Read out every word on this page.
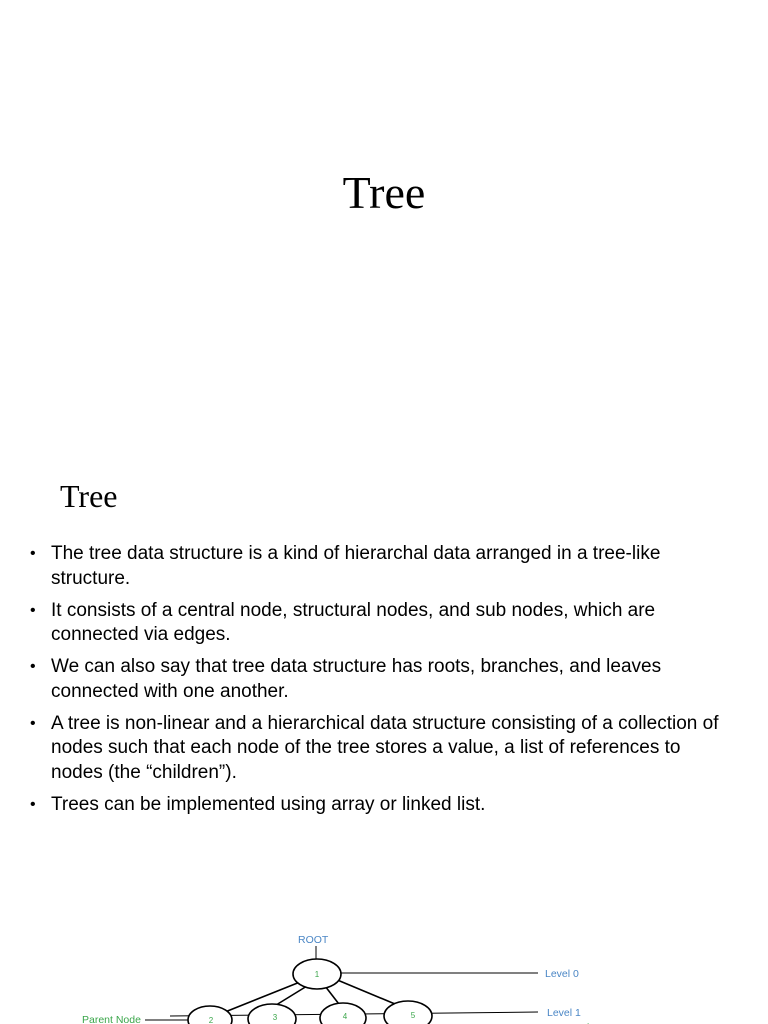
Tree
Tree
• The tree data structure is a kind of hierarchal data arranged in a tree-like structure.
• It consists of a central node, structural nodes, and sub nodes, which are connected via edges.
• We can also say that tree data structure has roots, branches, and leaves connected with one another.
• A tree is non-linear and a hierarchical data structure consisting of a collection of nodes such that each node of the tree stores a value, a list of references to nodes (the “children”).
• Trees can be implemented using array or linked list.
ROOT
Level 0
Level 1
1
2	3	4	5
Parent Node	.
